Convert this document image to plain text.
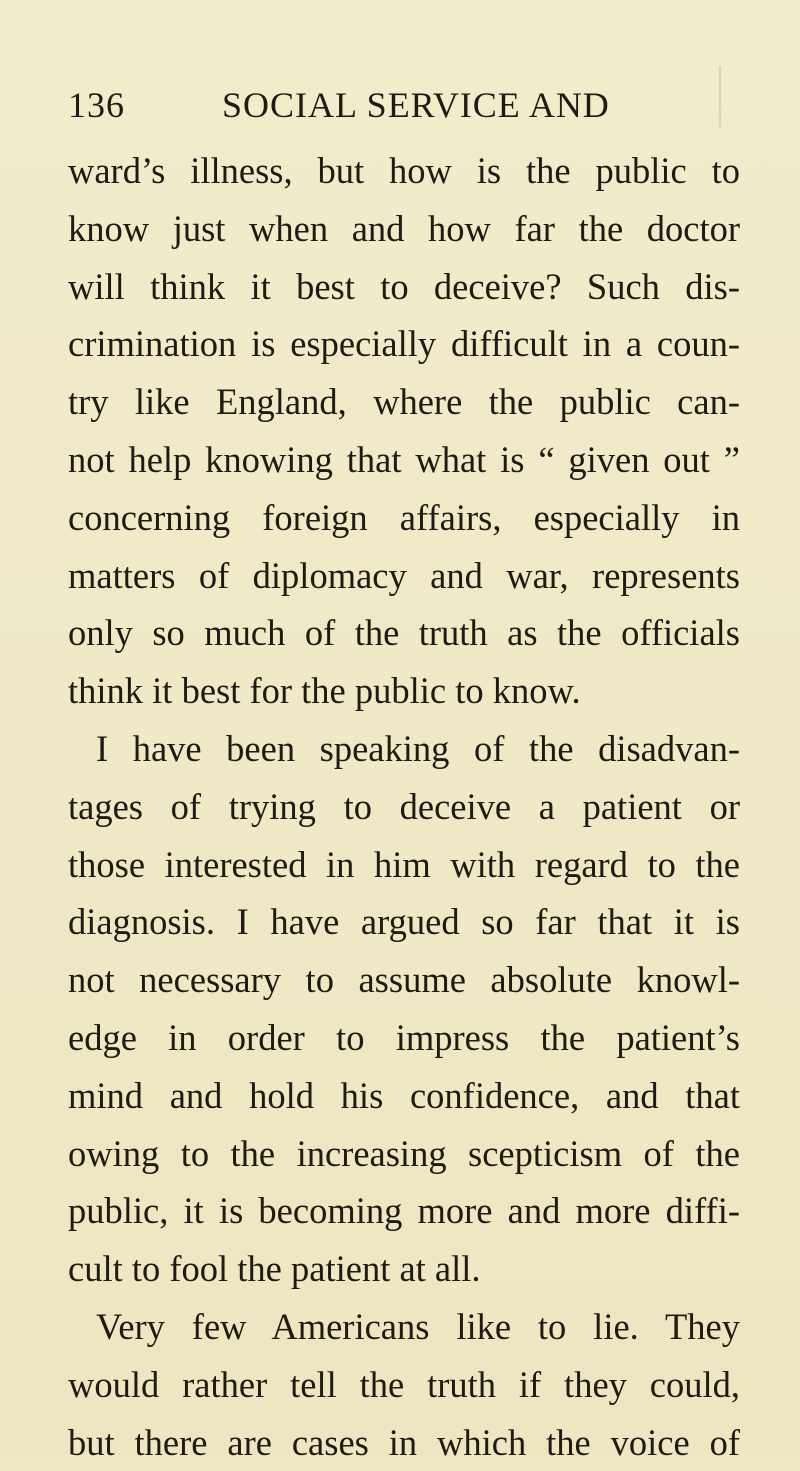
136	SOCIAL SERVICE AND
ward’s illness, but how is the public to
know just when and how far the doctor
will think it best to deceive? Such dis-
crimination is especially difficult in a coun-
try like England, where the public can-
not help knowing that what is “ given out ”
concerning foreign affairs, especially in
matters of diplomacy and war, represents
only so much of the truth as the officials
think it best for the public to know.
I have been speaking of the disadvan-
tages of trying to deceive a patient or
those interested in him with regard to the
diagnosis. I have argued so far that it is
not necessary to assume absolute knowl-
edge in order to impress the patient’s
mind and hold his confidence, and that
owing to the increasing scepticism of the
public, it is becoming more and more diffi-
cult to fool the patient at all.
Very few Americans like to lie. They
would rather tell the truth if they could,
but there are cases in which the voice of
